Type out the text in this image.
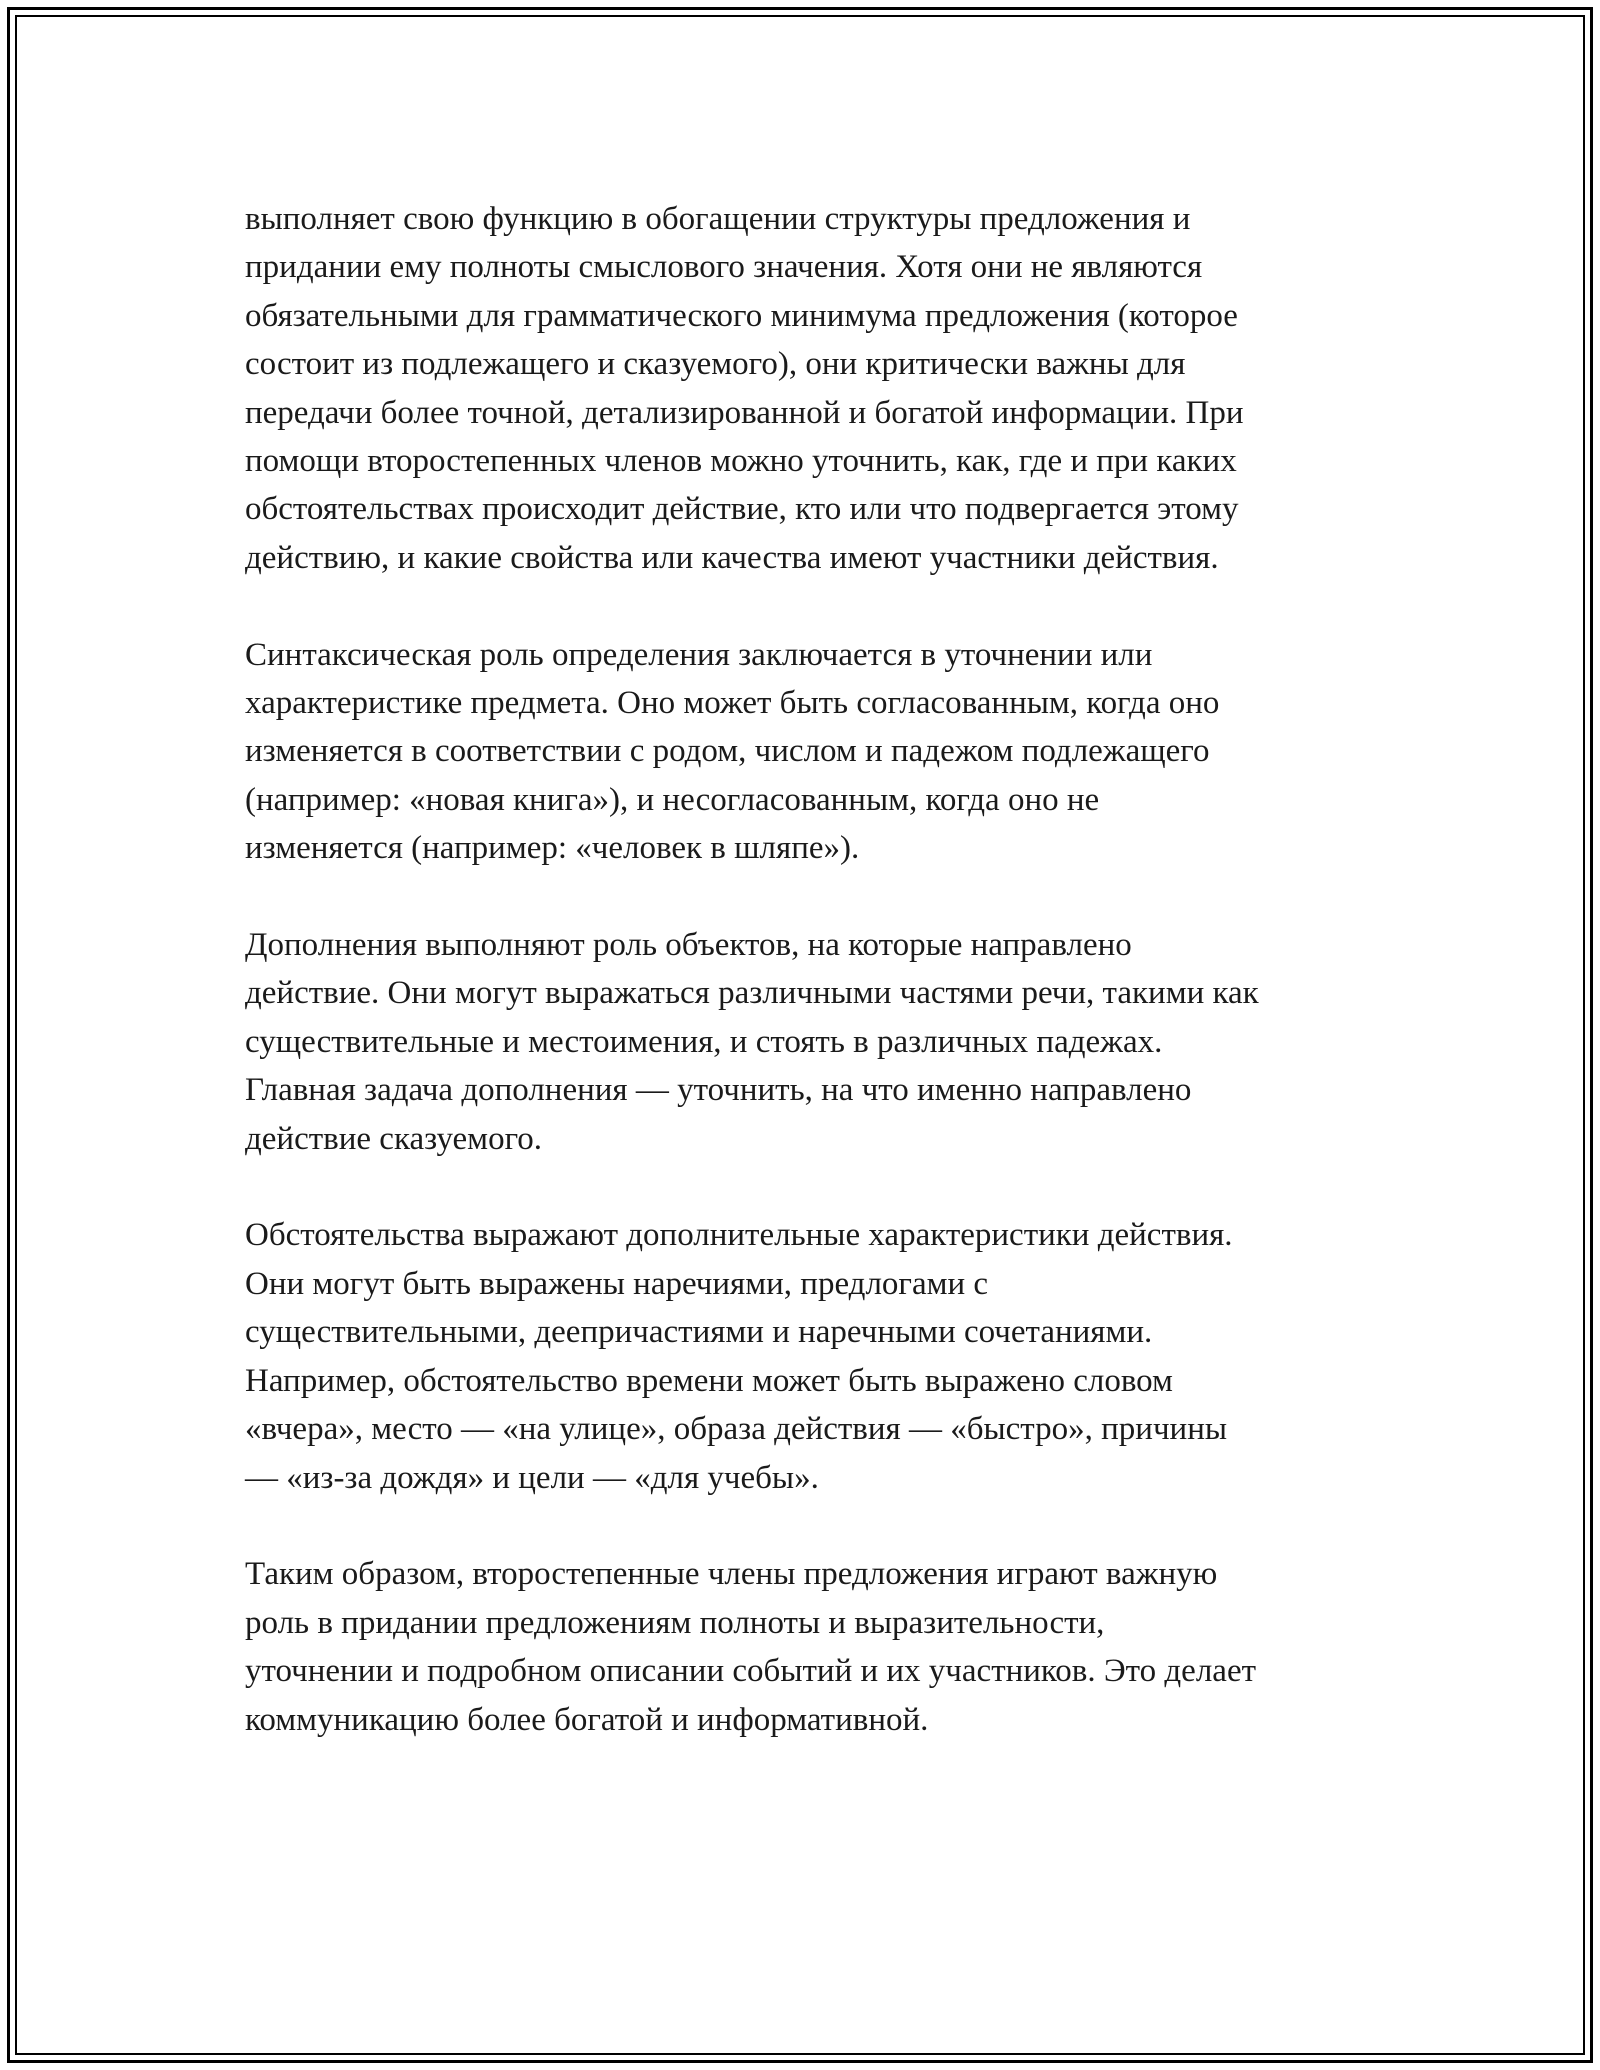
выполняет свою функцию в обогащении структуры предложения и
придании ему полноты смыслового значения. Хотя они не являются
обязательными для грамматического минимума предложения (которое
состоит из подлежащего и сказуемого), они критически важны для
передачи более точной, детализированной и богатой информации. При
помощи второстепенных членов можно уточнить, как, где и при каких
обстоятельствах происходит действие, кто или что подвергается этому
действию, и какие свойства или качества имеют участники действия.

Синтаксическая роль определения заключается в уточнении или
характеристике предмета. Оно может быть согласованным, когда оно
изменяется в соответствии с родом, числом и падежом подлежащего
(например: «новая книга»), и несогласованным, когда оно не
изменяется (например: «человек в шляпе»).

Дополнения выполняют роль объектов, на которые направлено
действие. Они могут выражаться различными частями речи, такими как
существительные и местоимения, и стоять в различных падежах.
Главная задача дополнения — уточнить, на что именно направлено
действие сказуемого.

Обстоятельства выражают дополнительные характеристики действия.
Они могут быть выражены наречиями, предлогами с
существительными, деепричастиями и наречными сочетаниями.
Например, обстоятельство времени может быть выражено словом
«вчера», место — «на улице», образа действия — «быстро», причины
— «из-за дождя» и цели — «для учебы».

Таким образом, второстепенные члены предложения играют важную
роль в придании предложениям полноты и выразительности,
уточнении и подробном описании событий и их участников. Это делает
коммуникацию более богатой и информативной.
